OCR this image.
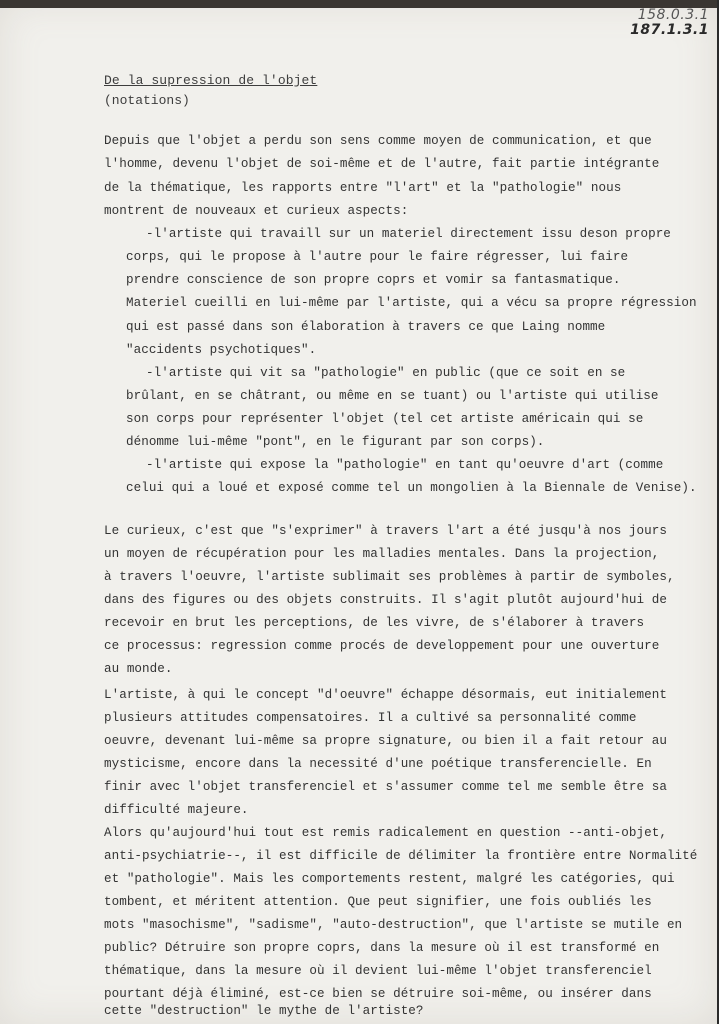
158.0.3.1
187.1.3.1
De la supression de l'objet
(notations)
Depuis que l'objet a perdu son sens comme moyen de communication, et que
l'homme, devenu l'objet de soi-même et de l'autre, fait partie intégrante
de la thématique, les rapports entre "l'art" et la "pathologie" nous
montrent de nouveaux et curieux aspects:
-l'artiste qui travaill sur un materiel directement issu deson propre
corps, qui le propose à l'autre pour le faire régresser, lui faire
prendre conscience de son propre coprs et vomir sa fantasmatique.
Materiel cueilli en lui-même par l'artiste, qui a vécu sa propre régression
qui est passé dans son élaboration à travers ce que Laing nomme
"accidents psychotiques".
-l'artiste qui vit sa "pathologie" en public (que ce soit en se
brûlant, en se châtrant, ou même en se tuant) ou l'artiste qui utilise
son corps pour représenter l'objet (tel cet artiste américain qui se
dénomme lui-même "pont", en le figurant par son corps).
-l'artiste qui expose la "pathologie" en tant qu'oeuvre d'art (comme
celui qui a loué et exposé comme tel un mongolien à la Biennale de Venise).
Le curieux, c'est que "s'exprimer" à travers l'art a été jusqu'à nos jours
un moyen de récupération pour les malladies mentales. Dans la projection,
à travers l'oeuvre, l'artiste sublimait ses problèmes à partir de symboles,
dans des figures ou des objets construits. Il s'agit plutôt aujourd'hui de
recevoir en brut les perceptions, de les vivre, de s'élaborer à travers
ce processus: regression comme procés de developpement pour une ouverture
au monde.
L'artiste, à qui le concept "d'oeuvre" échappe désormais, eut initialement
plusieurs attitudes compensatoires. Il a cultivé sa personnalité comme
oeuvre, devenant lui-même sa propre signature, ou bien il a fait retour au
mysticisme, encore dans la necessité d'une poétique transferencielle. En
finir avec l'objet transferenciel et s'assumer comme tel me semble être sa
difficulté majeure.
Alors qu'aujourd'hui tout est remis radicalement en question --anti-objet,
anti-psychiatrie--, il est difficile de délimiter la frontière entre Normalité
et "pathologie". Mais les comportements restent, malgré les catégories, qui
tombent, et méritent attention. Que peut signifier, une fois oubliés les
mots "masochisme", "sadisme", "auto-destruction", que l'artiste se mutile en
public? Détruire son propre coprs, dans la mesure où il est transformé en
thématique, dans la mesure où il devient lui-même l'objet transferenciel
pourtant déjà éliminé, est-ce bien se détruire soi-même, ou insérer dans
cette "destruction" le mythe de l'artiste?
